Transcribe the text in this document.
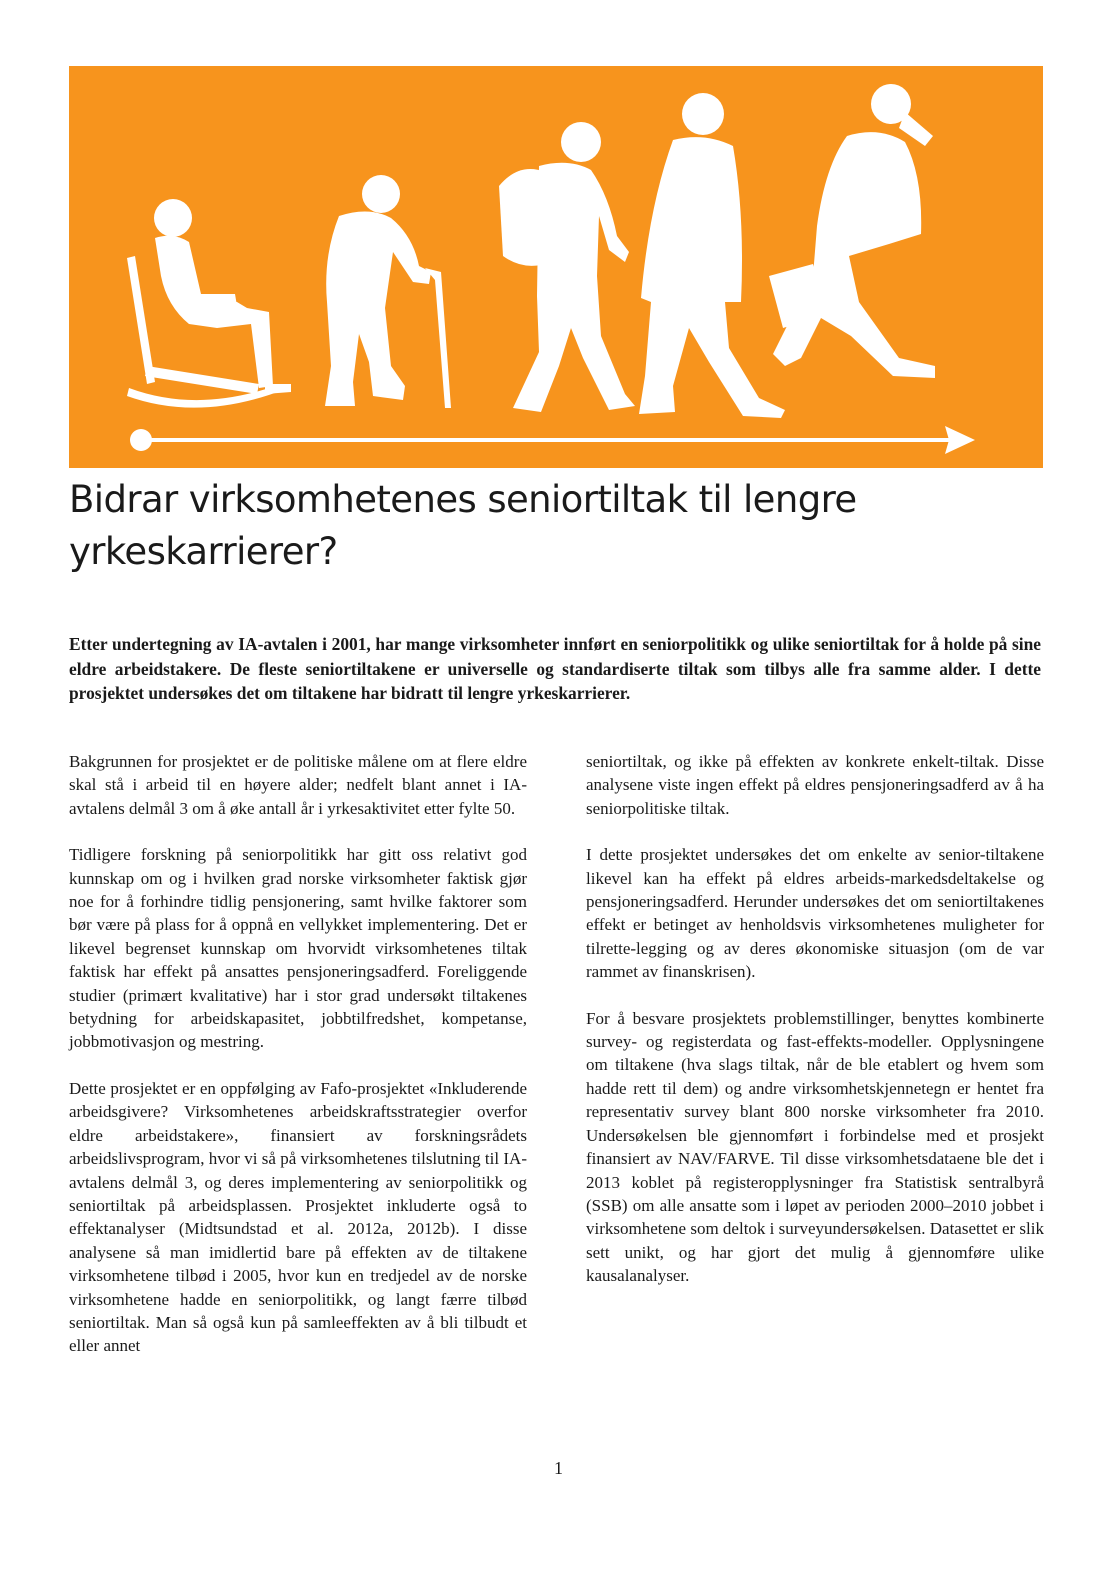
Bidrar virksomhetenes seniortiltak til lengre yrkeskarrierer?

Etter undertegning av IA-avtalen i 2001, har mange virksomheter innført en seniorpolitikk og ulike seniortiltak for å holde på sine eldre arbeidstakere. De fleste seniortiltakene er universelle og standardiserte tiltak som tilbys alle fra samme alder. I dette prosjektet undersøkes det om tiltakene har bidratt til lengre yrkeskarrierer.

Bakgrunnen for prosjektet er de politiske målene om at flere eldre skal stå i arbeid til en høyere alder; nedfelt blant annet i IA-avtalens delmål 3 om å øke antall år i yrkesaktivitet etter fylte 50.

Tidligere forskning på seniorpolitikk har gitt oss relativt god kunnskap om og i hvilken grad norske virksomheter faktisk gjør noe for å forhindre tidlig pensjonering, samt hvilke faktorer som bør være på plass for å oppnå en vellykket implementering. Det er likevel begrenset kunnskap om hvorvidt virksomhetenes tiltak faktisk har effekt på ansattes pensjoneringsadferd. Foreliggende studier (primært kvalitative) har i stor grad undersøkt tiltakenes betydning for arbeidskapasitet, jobbtilfredshet, kompetanse, jobbmotivasjon og mestring.

Dette prosjektet er en oppfølging av Fafo-prosjektet «Inkluderende arbeidsgivere? Virksomhetenes arbeidskraftsstrategier overfor eldre arbeidstakere», finansiert av forskningsrådets arbeidslivsprogram, hvor vi så på virksomhetenes tilslutning til IA-avtalens delmål 3, og deres implementering av seniorpolitikk og seniortiltak på arbeidsplassen. Prosjektet inkluderte også to effektanalyser (Midtsundstad et al. 2012a, 2012b). I disse analysene så man imidlertid bare på effekten av de tiltakene virksomhetene tilbød i 2005, hvor kun en tredjedel av de norske virksomhetene hadde en seniorpolitikk, og langt færre tilbød seniortiltak. Man så også kun på samleeffekten av å bli tilbudt et eller annet

seniortiltak, og ikke på effekten av konkrete enkelt-tiltak. Disse analysene viste ingen effekt på eldres pensjoneringsadferd av å ha seniorpolitiske tiltak.

I dette prosjektet undersøkes det om enkelte av senior-tiltakene likevel kan ha effekt på eldres arbeids-markedsdeltakelse og pensjoneringsadferd. Herunder undersøkes det om seniortiltakenes effekt er betinget av henholdsvis virksomhetenes muligheter for tilrette-legging og av deres økonomiske situasjon (om de var rammet av finanskrisen).

For å besvare prosjektets problemstillinger, benyttes kombinerte survey- og registerdata og fast-effekts-modeller. Opplysningene om tiltakene (hva slags tiltak, når de ble etablert og hvem som hadde rett til dem) og andre virksomhetskjennetegn er hentet fra representativ survey blant 800 norske virksomheter fra 2010. Undersøkelsen ble gjennomført i forbindelse med et prosjekt finansiert av NAV/FARVE. Til disse virksomhetsdataene ble det i 2013 koblet på registeropplysninger fra Statistisk sentralbyrå (SSB) om alle ansatte som i løpet av perioden 2000–2010 jobbet i virksomhetene som deltok i surveyundersøkelsen. Datasettet er slik sett unikt, og har gjort det mulig å gjennomføre ulike kausalanalyser.

1
